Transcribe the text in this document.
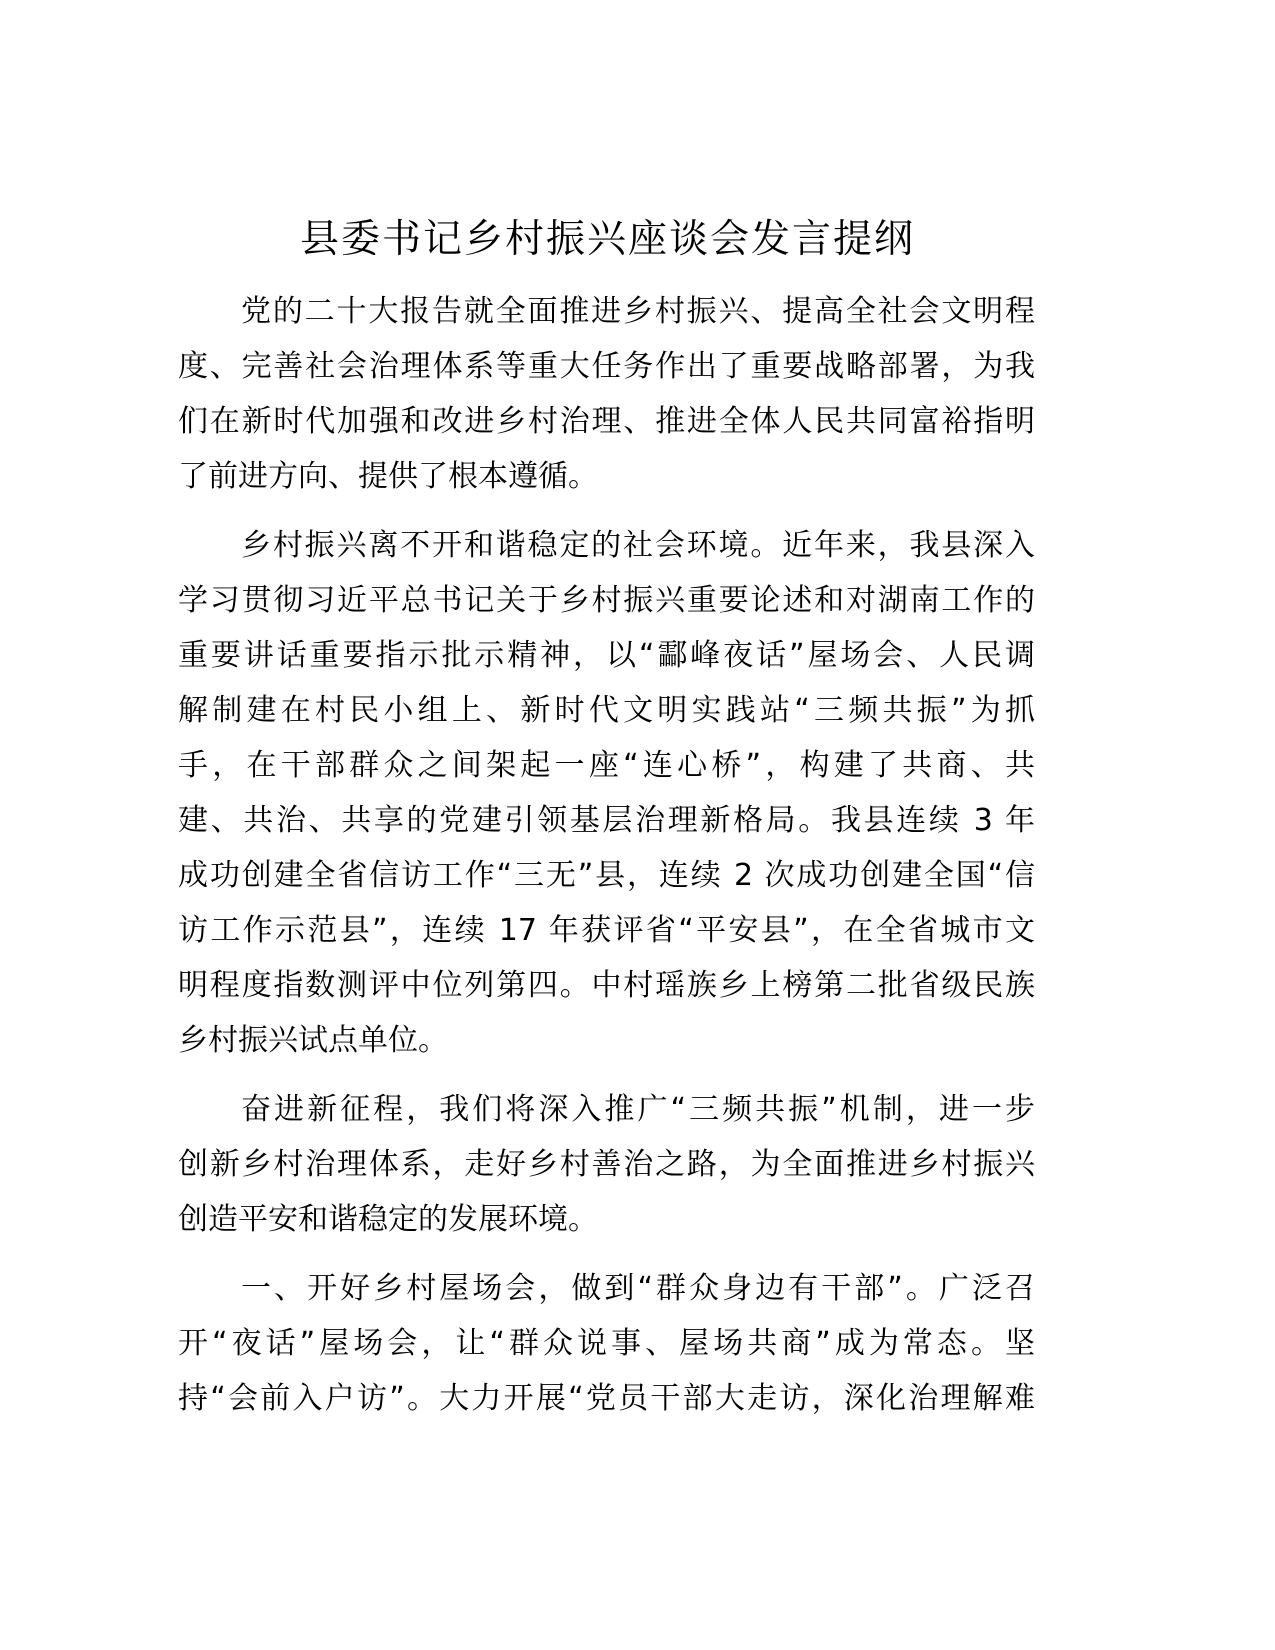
县委书记乡村振兴座谈会发言提纲
党的二十大报告就全面推进乡村振兴、提高全社会文明程
度、完善社会治理体系等重大任务作出了重要战略部署，为我
们在新时代加强和改进乡村治理、推进全体人民共同富裕指明
了前进方向、提供了根本遵循。
乡村振兴离不开和谐稳定的社会环境。近年来，我县深入
学习贯彻习近平总书记关于乡村振兴重要论述和对湖南工作的
重要讲话重要指示批示精神，以“酃峰夜话”屋场会、人民调
解制建在村民小组上、新时代文明实践站“三频共振”为抓
手，在干部群众之间架起一座“连心桥”，构建了共商、共
建、共治、共享的党建引领基层治理新格局。我县连续 3 年
成功创建全省信访工作“三无”县，连续 2 次成功创建全国“信
访工作示范县”，连续 17 年获评省“平安县”，在全省城市文
明程度指数测评中位列第四。中村瑶族乡上榜第二批省级民族
乡村振兴试点单位。
奋进新征程，我们将深入推广“三频共振”机制，进一步
创新乡村治理体系，走好乡村善治之路，为全面推进乡村振兴
创造平安和谐稳定的发展环境。
一、开好乡村屋场会，做到“群众身边有干部”。广泛召
开“夜话”屋场会，让“群众说事、屋场共商”成为常态。坚
持“会前入户访”。大力开展“党员干部大走访，深化治理解难
